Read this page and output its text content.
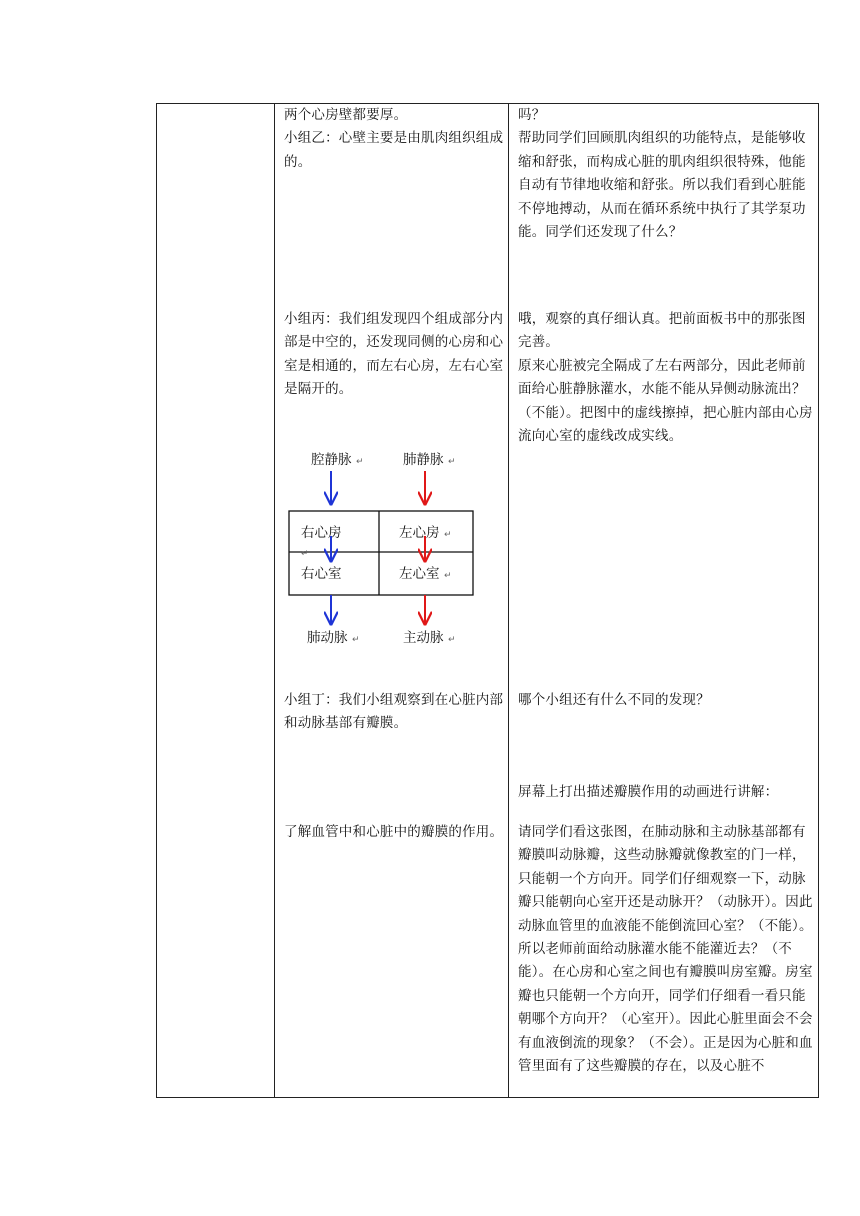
两个心房壁都要厚。
小组乙：心壁主要是由肌肉组织组成的。
小组丙：我们组发现四个组成部分内部是中空的，还发现同侧的心房和心室是相通的，而左右心房，左右心室是隔开的。
小组丁：我们小组观察到在心脏内部和动脉基部有瓣膜。
了解血管中和心脏中的瓣膜的作用。
吗？
帮助同学们回顾肌肉组织的功能特点，是能够收缩和舒张，而构成心脏的肌肉组织很特殊，他能自动有节律地收缩和舒张。所以我们看到心脏能不停地搏动，从而在循环系统中执行了其学泵功能。同学们还发现了什么？
哦，观察的真仔细认真。把前面板书中的那张图完善。
原来心脏被完全隔成了左右两部分，因此老师前面给心脏静脉灌水，水能不能从异侧动脉流出？（不能）。把图中的虚线擦掉，把心脏内部由心房流向心室的虚线改成实线。
哪个小组还有什么不同的发现？
屏幕上打出描述瓣膜作用的动画进行讲解：
请同学们看这张图，在肺动脉和主动脉基部都有瓣膜叫动脉瓣，这些动脉瓣就像教室的门一样，只能朝一个方向开。同学们仔细观察一下，动脉瓣只能朝向心室开还是动脉开？（动脉开）。因此动脉血管里的血液能不能倒流回心室？（不能）。所以老师前面给动脉灌水能不能灌近去？（不能）。在心房和心室之间也有瓣膜叫房室瓣。房室瓣也只能朝一个方向开，同学们仔细看一看只能朝哪个方向开？（心室开）。因此心脏里面会不会有血液倒流的现象？（不会）。正是因为心脏和血管里面有了这些瓣膜的存在，以及心脏不
腔静脉 ↵	肺静脉 ↵
右心房	左心房 ↵
↵
右心室	左心室 ↵
肺动脉 ↵	主动脉 ↵
